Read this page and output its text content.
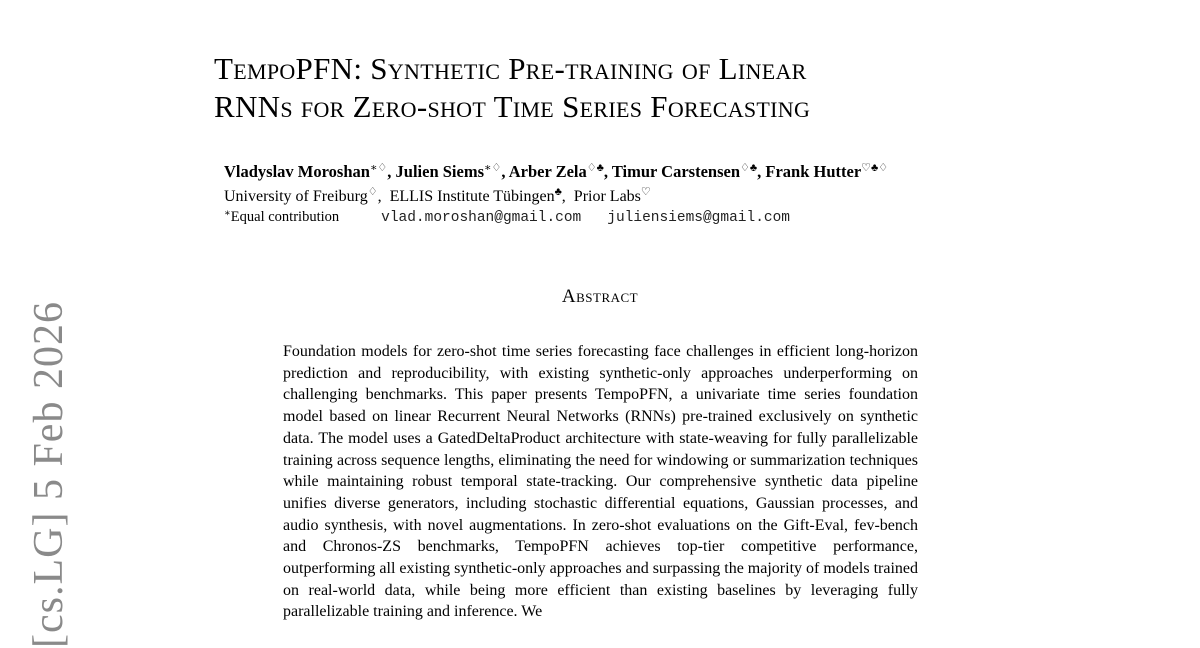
TempoPFN: Synthetic Pre-training of Linear
RNNs for Zero-shot Time Series Forecasting
Vladyslav Moroshan∗♢, Julien Siems∗♢, Arber Zela♢♣, Timur Carstensen♢♣, Frank Hutter♡♣♢
University of Freiburg♢,  ELLIS Institute Tübingen♣,  Prior Labs♡
∗Equal contribution	vlad.moroshan@gmail.com juliensiems@gmail.com
Abstract

Foundation models for zero-shot time series forecasting face challenges in efficient long-horizon prediction and reproducibility, with existing synthetic-only approaches underperforming on challenging benchmarks. This paper presents TempoPFN, a univariate time series foundation model based on linear Recurrent Neural Networks (RNNs) pre-trained exclusively on synthetic data. The model uses a GatedDeltaProduct architecture with state-weaving for fully parallelizable training across sequence lengths, eliminating the need for windowing or summarization techniques while maintaining robust temporal state-tracking. Our comprehensive synthetic data pipeline unifies diverse generators, including stochastic differential equations, Gaussian processes, and audio synthesis, with novel augmentations. In zero-shot evaluations on the Gift-Eval, fev-bench and Chronos-ZS benchmarks, TempoPFN achieves top-tier competitive performance, outperforming all existing synthetic-only approaches and surpassing the majority of models trained on real-world data, while being more efficient than existing baselines by leveraging fully parallelizable training and inference. We

[cs.LG] 5 Feb 2026
